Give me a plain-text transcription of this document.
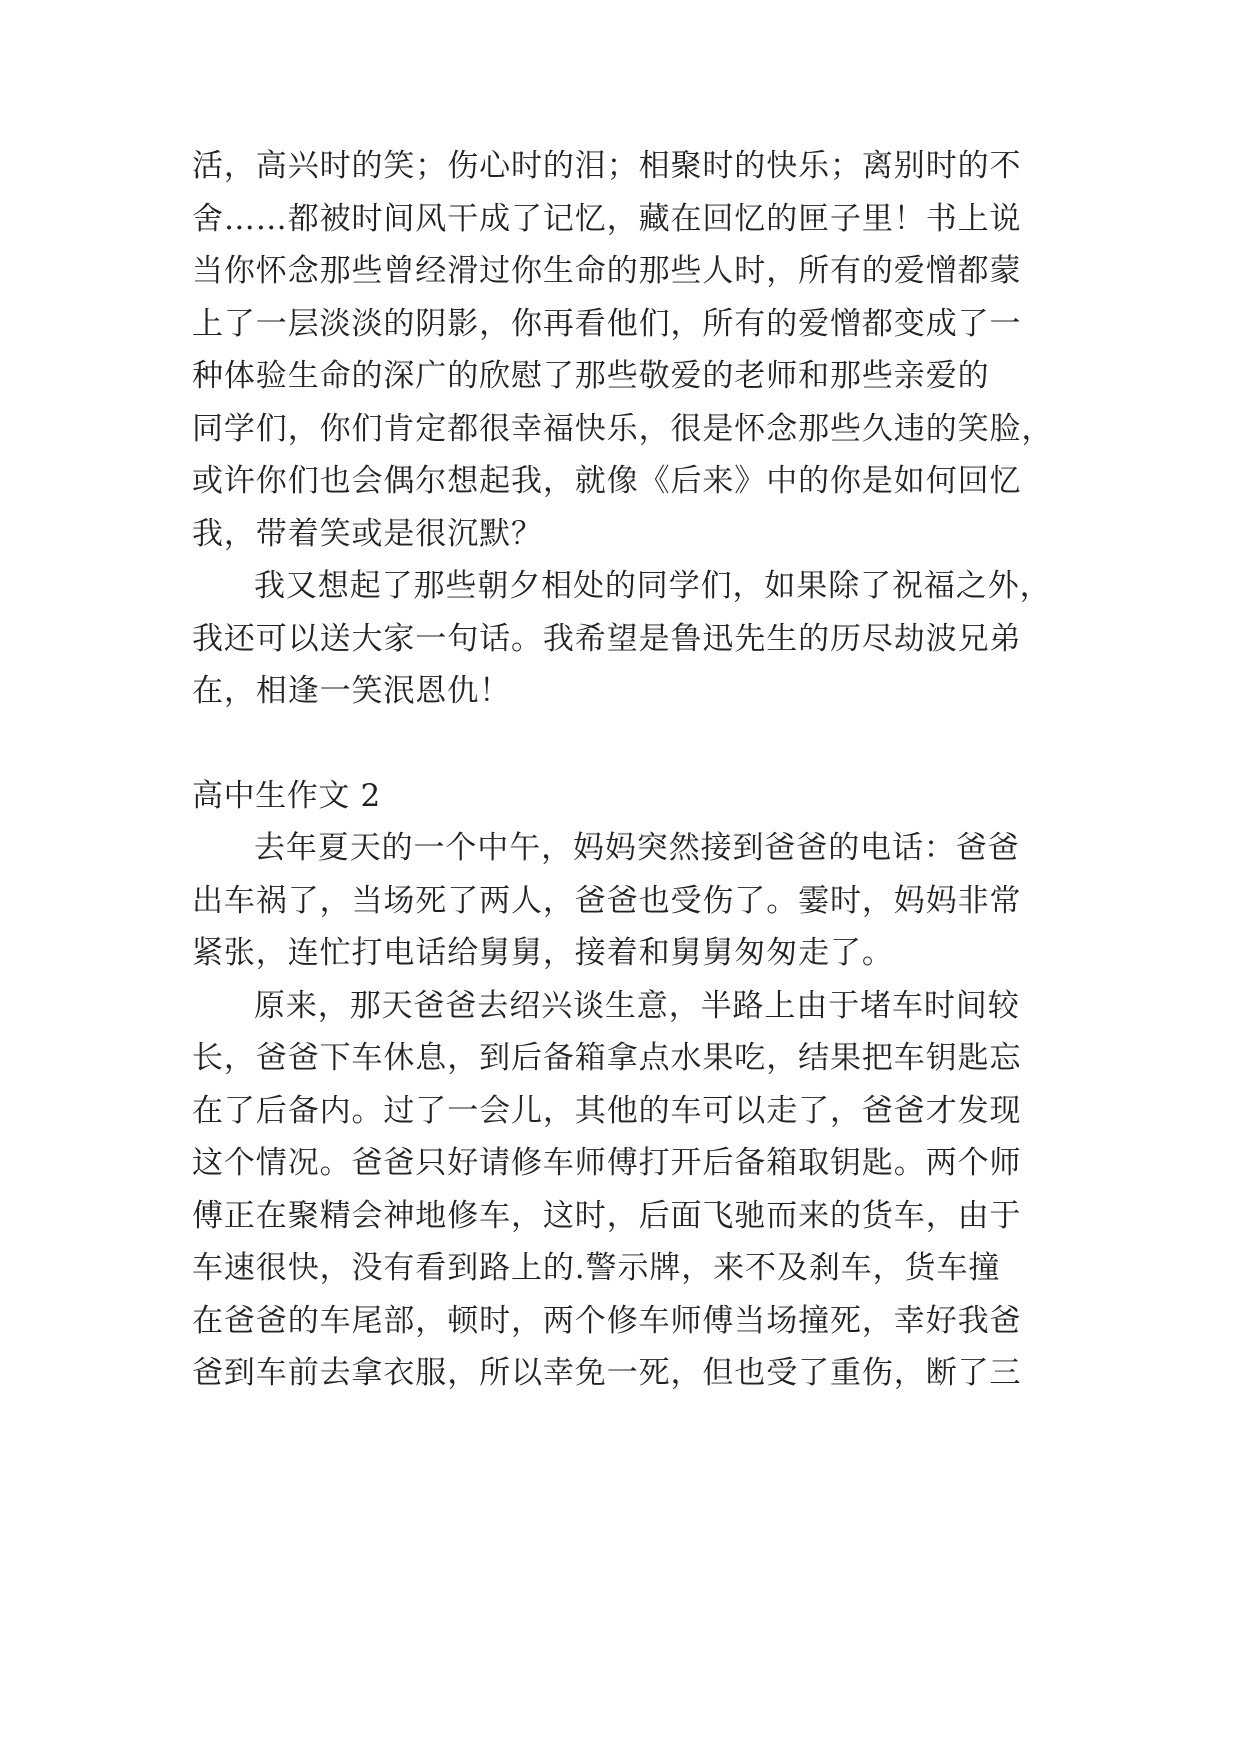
活，高兴时的笑；伤心时的泪；相聚时的快乐；离别时的不
舍……都被时间风干成了记忆，藏在回忆的匣子里！书上说
当你怀念那些曾经滑过你生命的那些人时，所有的爱憎都蒙
上了一层淡淡的阴影，你再看他们，所有的爱憎都变成了一
种体验生命的深广的欣慰了那些敬爱的老师和那些亲爱的
同学们，你们肯定都很幸福快乐，很是怀念那些久违的笑脸，
或许你们也会偶尔想起我，就像《后来》中的你是如何回忆
我，带着笑或是很沉默？
我又想起了那些朝夕相处的同学们，如果除了祝福之外，
我还可以送大家一句话。我希望是鲁迅先生的历尽劫波兄弟
在，相逢一笑泯恩仇！
高中生作文 2
去年夏天的一个中午，妈妈突然接到爸爸的电话：爸爸
出车祸了，当场死了两人，爸爸也受伤了。霎时，妈妈非常
紧张，连忙打电话给舅舅，接着和舅舅匆匆走了。
原来，那天爸爸去绍兴谈生意，半路上由于堵车时间较
长，爸爸下车休息，到后备箱拿点水果吃，结果把车钥匙忘
在了后备内。过了一会儿，其他的车可以走了，爸爸才发现
这个情况。爸爸只好请修车师傅打开后备箱取钥匙。两个师
傅正在聚精会神地修车，这时，后面飞驰而来的货车，由于
车速很快，没有看到路上的.警示牌，来不及刹车，货车撞
在爸爸的车尾部，顿时，两个修车师傅当场撞死，幸好我爸
爸到车前去拿衣服，所以幸免一死，但也受了重伤，断了三
